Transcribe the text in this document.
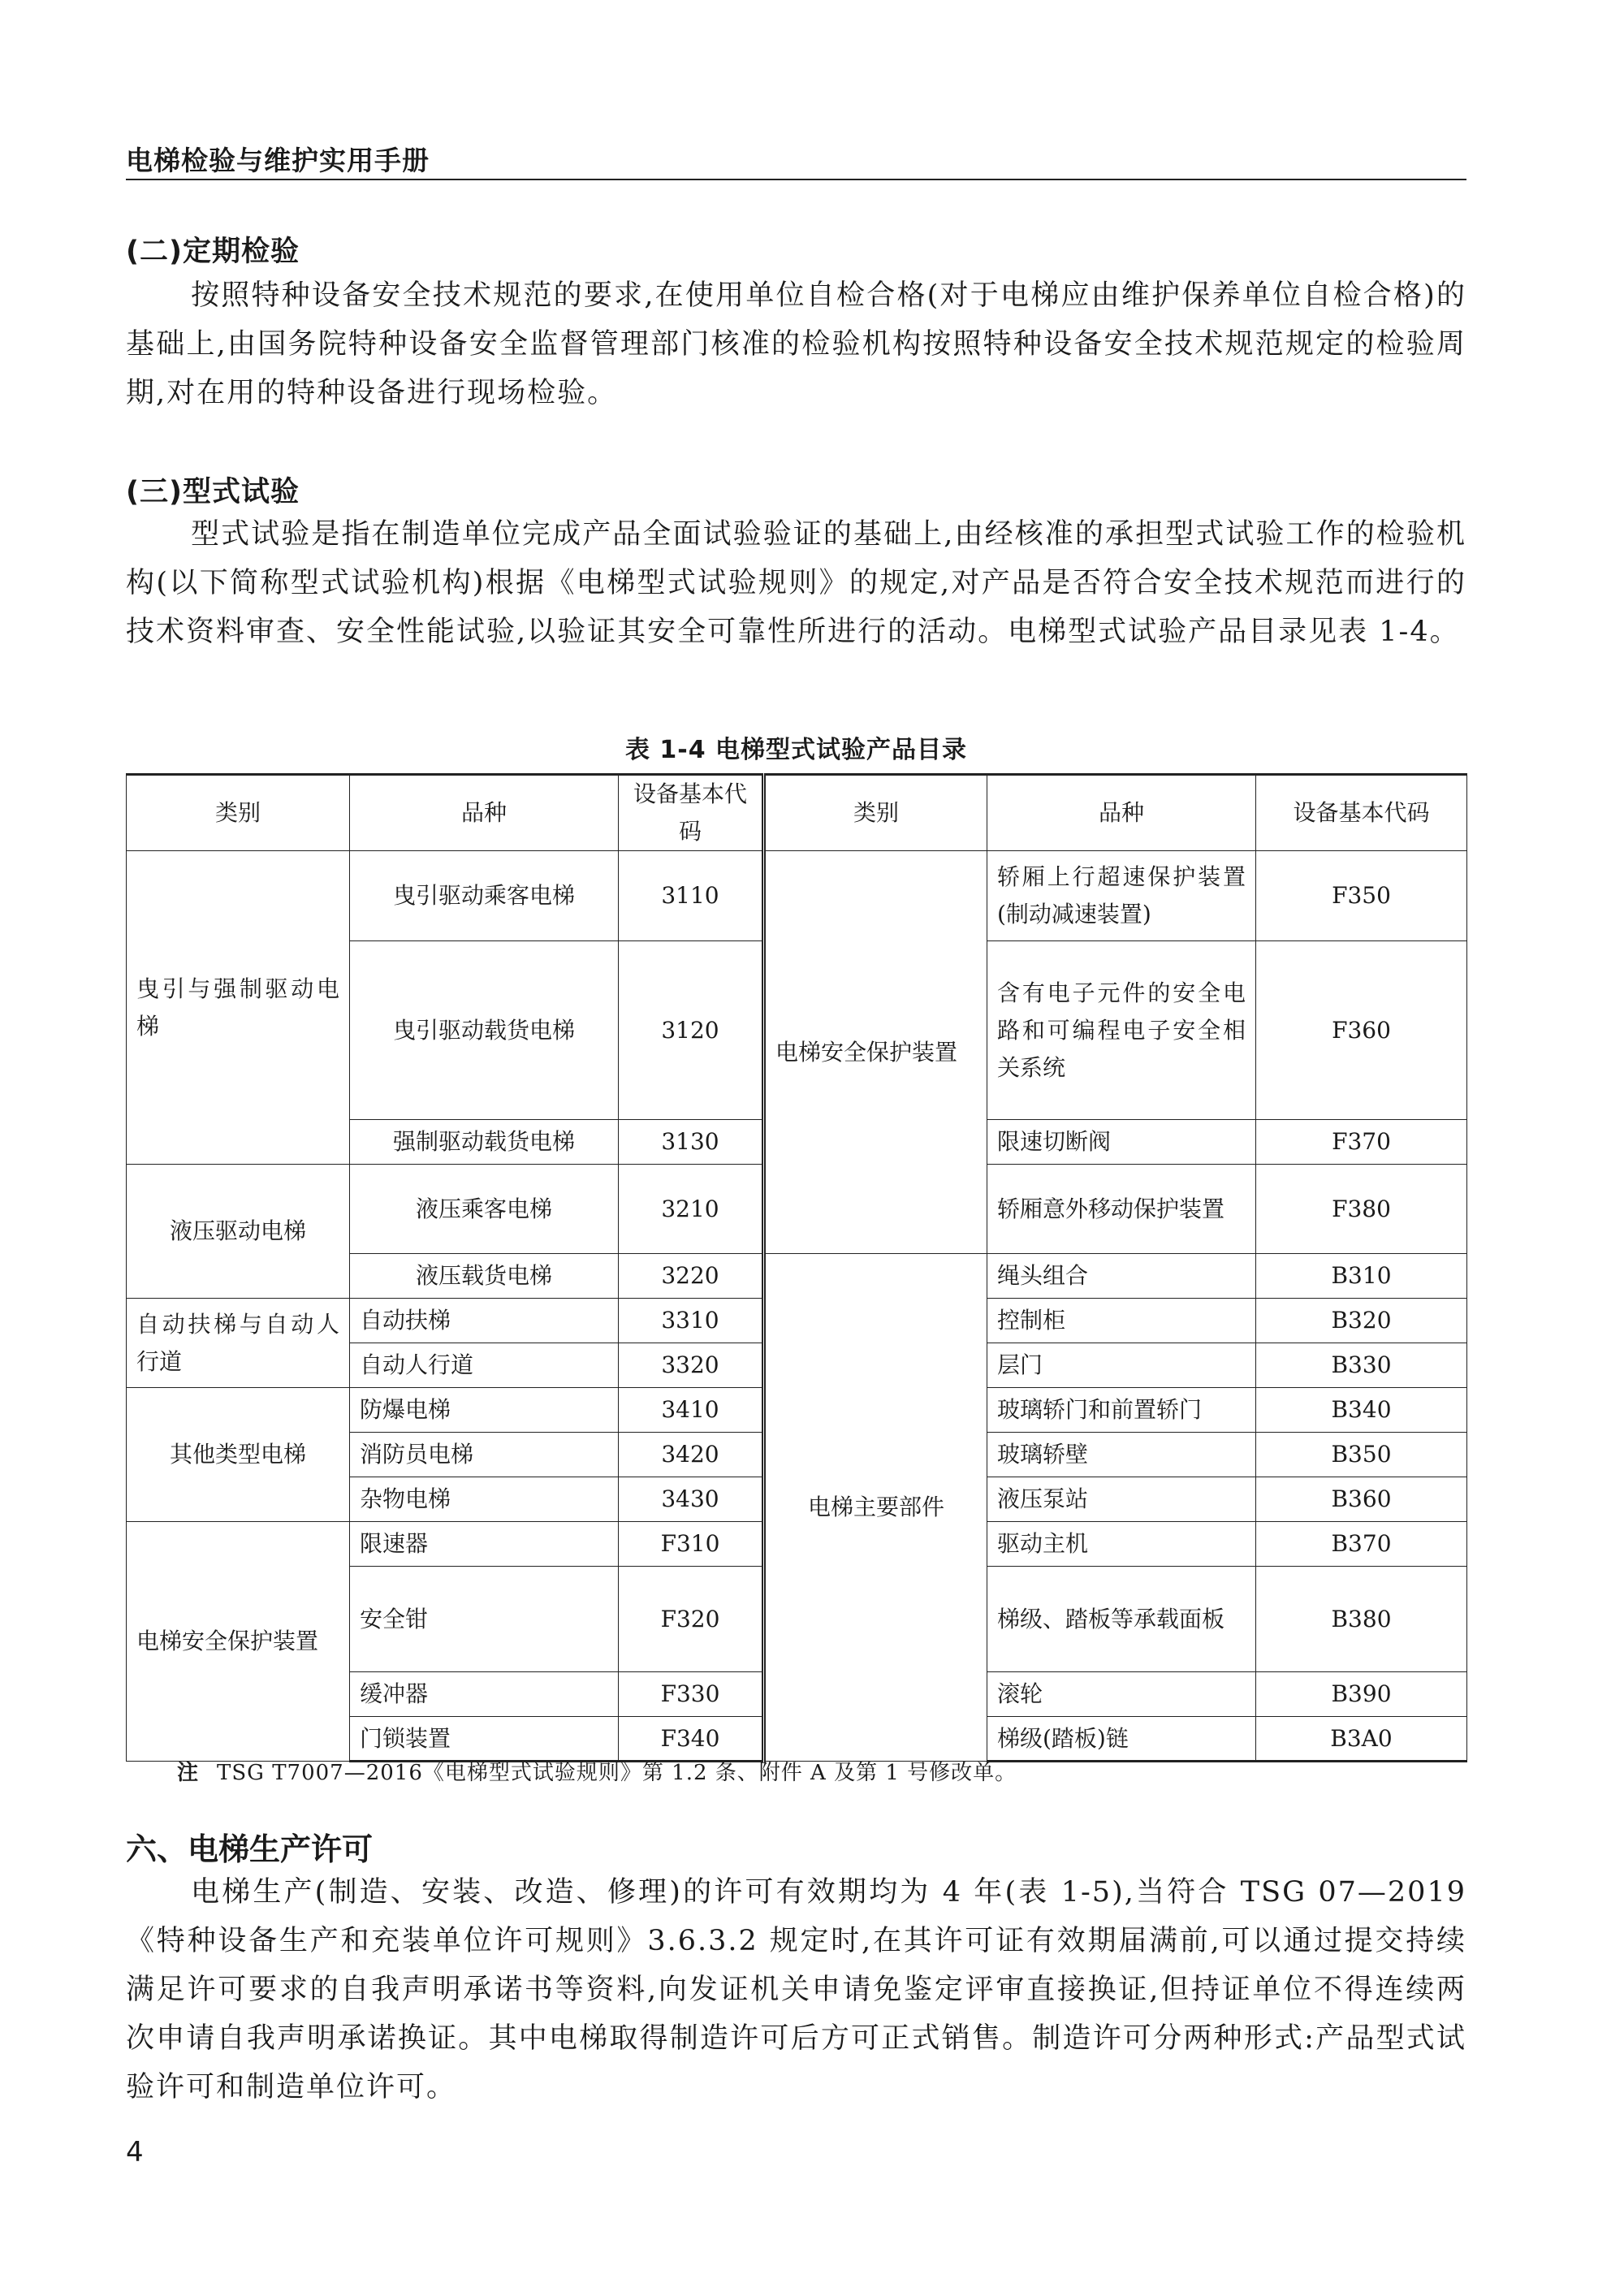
电梯检验与维护实用手册
(二)定期检验

按照特种设备安全技术规范的要求,在使用单位自检合格(对于电梯应由维护保养单位自检合格)的基础上,由国务院特种设备安全监督管理部门核准的检验机构按照特种设备安全技术规范规定的检验周期,对在用的特种设备进行现场检验。

(三)型式试验

型式试验是指在制造单位完成产品全面试验验证的基础上,由经核准的承担型式试验工作的检验机构(以下简称型式试验机构)根据《电梯型式试验规则》的规定,对产品是否符合安全技术规范而进行的技术资料审查、安全性能试验,以验证其安全可靠性所进行的活动。电梯型式试验产品目录见表 1-4。

表 1-4 电梯型式试验产品目录
类别	品种	设备基本代码	类别	品种	设备基本代码
曳引与强制驱动电梯	曳引驱动乘客电梯	3110	电梯安全保护装置	轿厢上行超速保护装置(制动减速装置)	F350
	曳引驱动载货电梯	3120		含有电子元件的安全电路和可编程电子安全相关系统	F360
	强制驱动载货电梯	3130		限速切断阀	F370
液压驱动电梯	液压乘客电梯	3210		轿厢意外移动保护装置	F380
	液压载货电梯	3220	电梯主要部件	绳头组合	B310
自动扶梯与自动人行道	自动扶梯	3310		控制柜	B320
	自动人行道	3320		层门	B330
其他类型电梯	防爆电梯	3410		玻璃轿门和前置轿门	B340
	消防员电梯	3420		玻璃轿壁	B350
	杂物电梯	3430		液压泵站	B360
电梯安全保护装置	限速器	F310		驱动主机	B370
	安全钳	F320		梯级、踏板等承载面板	B380
	缓冲器	F330		滚轮	B390
	门锁装置	F340		梯级(踏板)链	B3A0
注 TSG T7007—2016《电梯型式试验规则》第 1.2 条、附件 A 及第 1 号修改单。
六、电梯生产许可

电梯生产(制造、安装、改造、修理)的许可有效期均为 4 年(表 1-5),当符合 TSG 07—2019《特种设备生产和充装单位许可规则》3.6.3.2 规定时,在其许可证有效期届满前,可以通过提交持续满足许可要求的自我声明承诺书等资料,向发证机关申请免鉴定评审直接换证,但持证单位不得连续两次申请自我声明承诺换证。其中电梯取得制造许可后方可正式销售。制造许可分两种形式:产品型式试验许可和制造单位许可。

4
